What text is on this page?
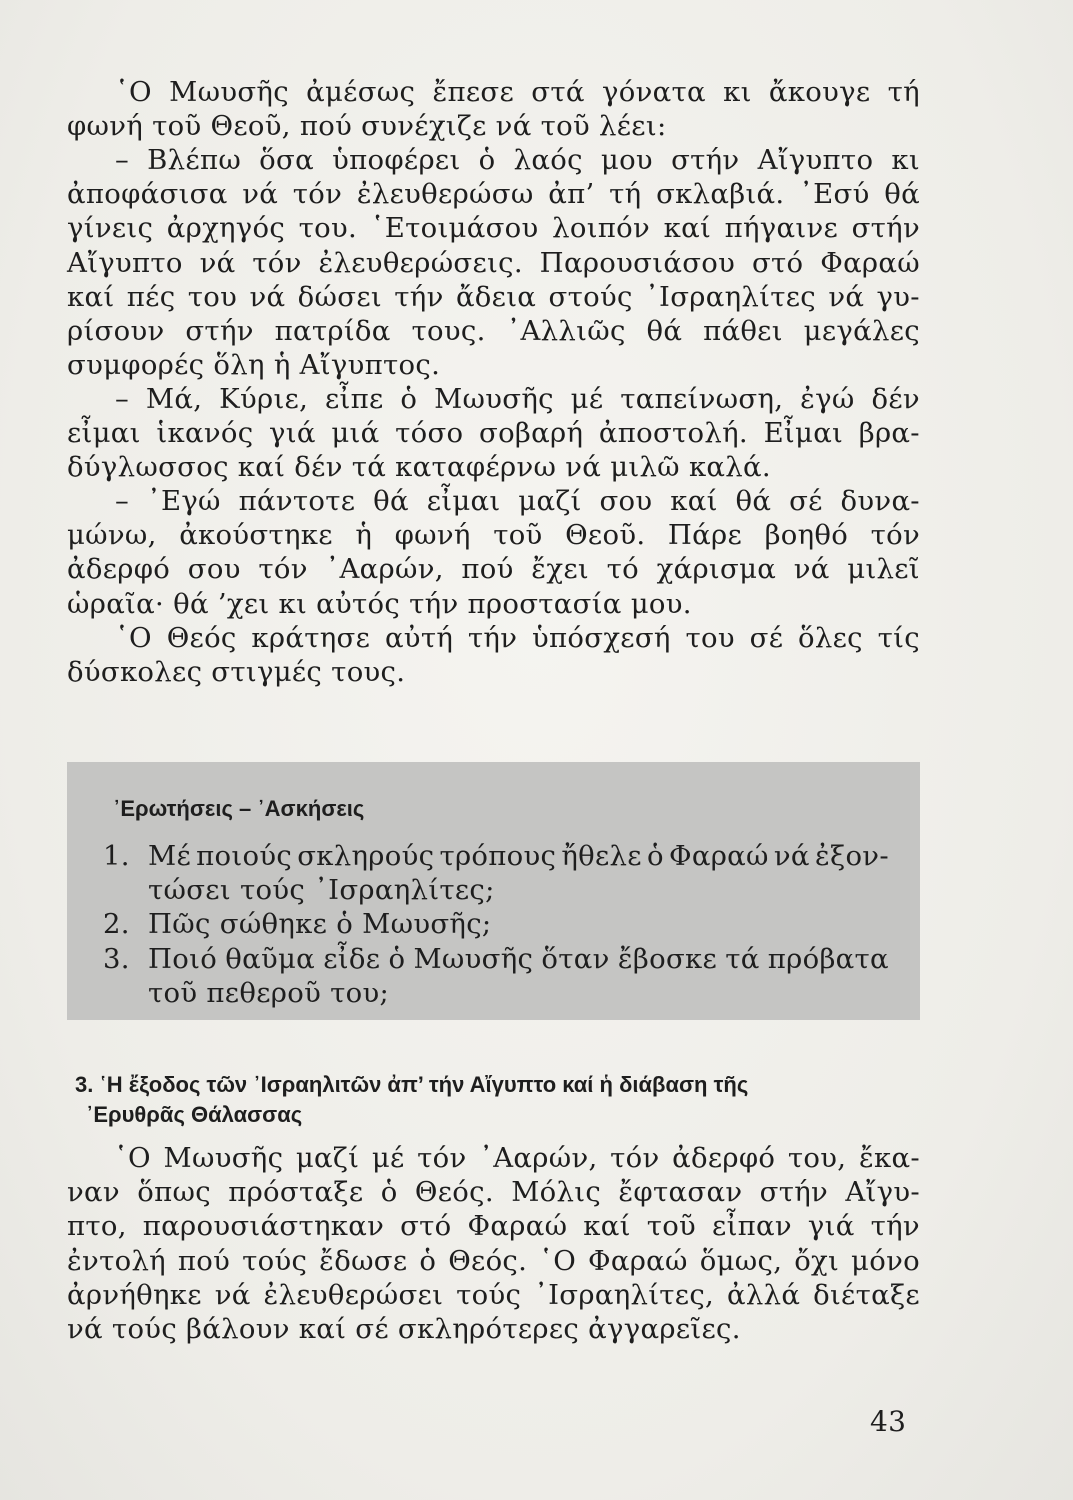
῾Ο Μωυσῆς ἀμέσως ἔπεσε στά γόνατα κι ἄκουγε τή
φωνή τοῦ Θεοῦ, πού συνέχιζε νά τοῦ λέει:
– Βλέπω ὅσα ὑποφέρει ὁ λαός μου στήν Αἴγυπτο κι
ἀποφάσισα νά τόν ἐλευθερώσω ἀπ’ τή σκλαβιά. ᾿Εσύ θά
γίνεις ἀρχηγός του. ῾Ετοιμάσου λοιπόν καί πήγαινε στήν
Αἴγυπτο νά τόν ἐλευθερώσεις. Παρουσιάσου στό Φαραώ
καί πές του νά δώσει τήν ἄδεια στούς ᾿Ισραηλίτες νά γυ-
ρίσουν στήν πατρίδα τους. ᾿Αλλιῶς θά πάθει μεγάλες
συμφορές ὅλη ἡ Αἴγυπτος.
– Μά, Κύριε, εἶπε ὁ Μωυσῆς μέ ταπείνωση, ἐγώ δέν
εἶμαι ἱκανός γιά μιά τόσο σοβαρή ἀποστολή. Εἶμαι βρα-
δύγλωσσος καί δέν τά καταφέρνω νά μιλῶ καλά.
– ᾿Εγώ πάντοτε θά εἶμαι μαζί σου καί θά σέ δυνα-
μώνω, ἀκούστηκε ἡ φωνή τοῦ Θεοῦ. Πάρε βοηθό τόν
ἀδερφό σου τόν ᾿Ααρών, πού ἔχει τό χάρισμα νά μιλεῖ
ὡραῖα· θά ’χει κι αὐτός τήν προστασία μου.
῾Ο Θεός κράτησε αὐτή τήν ὑπόσχεσή του σέ ὅλες τίς
δύσκολες στιγμές τους.
᾿Ερωτήσεις – ᾿Ασκήσεις
1. Μέ ποιούς σκληρούς τρόπους ἤθελε ὁ Φαραώ νά ἐξον-
τώσει τούς ᾿Ισραηλίτες;
2. Πῶς σώθηκε ὁ Μωυσῆς;
3. Ποιό θαῦμα εἶδε ὁ Μωυσῆς ὅταν ἔβοσκε τά πρόβατα
τοῦ πεθεροῦ του;
3. ῾Η ἔξοδος τῶν ᾿Ισραηλιτῶν ἀπ’ τήν Αἴγυπτο καί ἡ διάβαση τῆς
᾿Ερυθρᾶς Θάλασσας
῾Ο Μωυσῆς μαζί μέ τόν ᾿Ααρών, τόν ἀδερφό του, ἔκα-
ναν ὅπως πρόσταξε ὁ Θεός. Μόλις ἔφτασαν στήν Αἴγυ-
πτο, παρουσιάστηκαν στό Φαραώ καί τοῦ εἶπαν γιά τήν
ἐντολή πού τούς ἔδωσε ὁ Θεός. ῾Ο Φαραώ ὅμως, ὄχι μόνο
ἀρνήθηκε νά ἐλευθερώσει τούς ᾿Ισραηλίτες, ἀλλά διέταξε
νά τούς βάλουν καί σέ σκληρότερες ἀγγαρεῖες.
43
